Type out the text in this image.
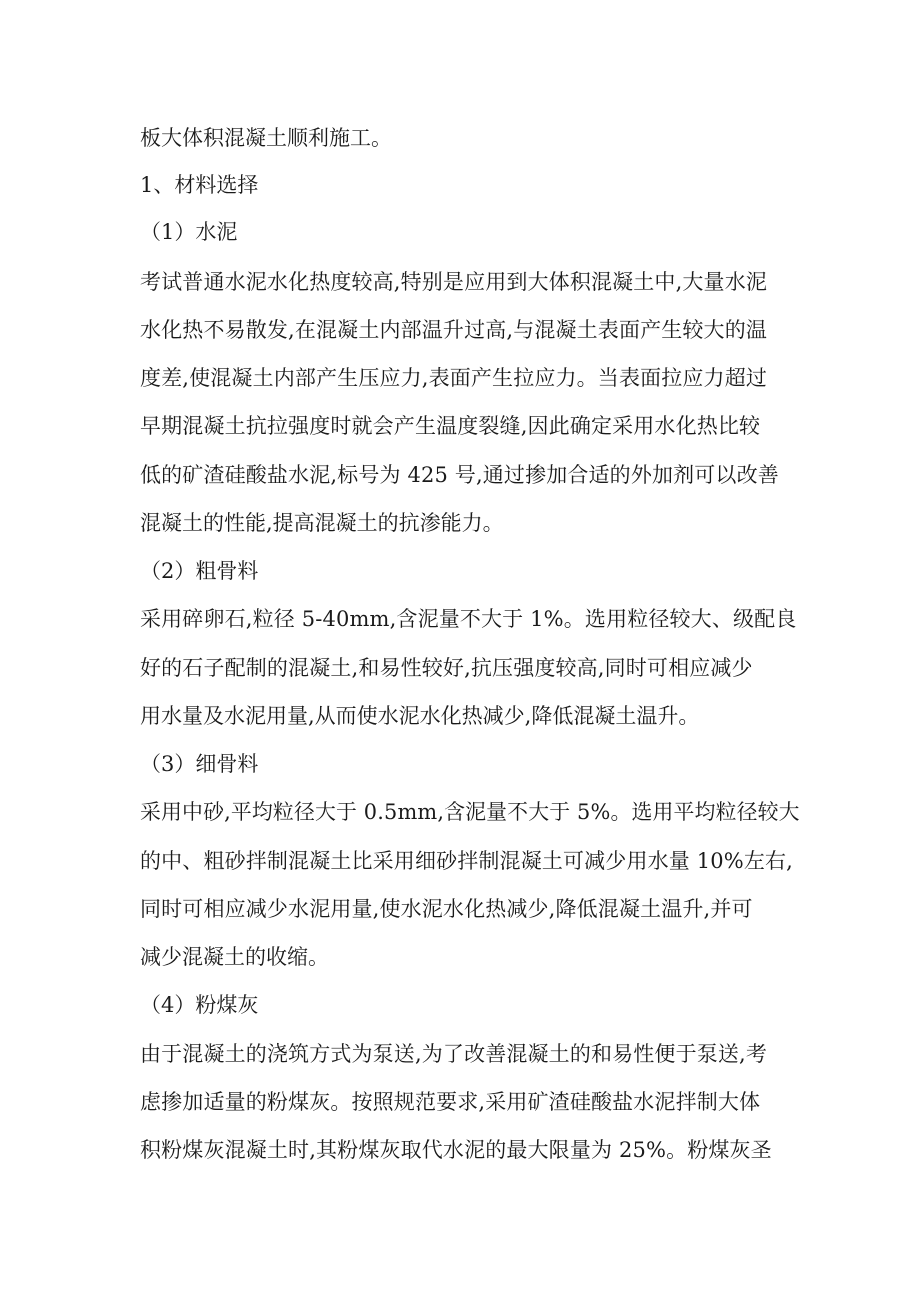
板大体积混凝土顺利施工。
1、材料选择
（1）水泥
考试普通水泥水化热度较高,特别是应用到大体积混凝土中,大量水泥
水化热不易散发,在混凝土内部温升过高,与混凝土表面产生较大的温
度差,使混凝土内部产生压应力,表面产生拉应力。当表面拉应力超过
早期混凝土抗拉强度时就会产生温度裂缝,因此确定采用水化热比较
低的矿渣硅酸盐水泥,标号为 425 号,通过掺加合适的外加剂可以改善
混凝土的性能,提高混凝土的抗渗能力。
（2）粗骨料
采用碎卵石,粒径 5-40mm,含泥量不大于 1%。选用粒径较大、级配良
好的石子配制的混凝土,和易性较好,抗压强度较高,同时可相应减少
用水量及水泥用量,从而使水泥水化热减少,降低混凝土温升。
（3）细骨料
采用中砂,平均粒径大于 0.5mm,含泥量不大于 5%。选用平均粒径较大
的中、粗砂拌制混凝土比采用细砂拌制混凝土可减少用水量 10%左右,
同时可相应减少水泥用量,使水泥水化热减少,降低混凝土温升,并可
减少混凝土的收缩。
（4）粉煤灰
由于混凝土的浇筑方式为泵送,为了改善混凝土的和易性便于泵送,考
虑掺加适量的粉煤灰。按照规范要求,采用矿渣硅酸盐水泥拌制大体
积粉煤灰混凝土时,其粉煤灰取代水泥的最大限量为 25%。粉煤灰圣
